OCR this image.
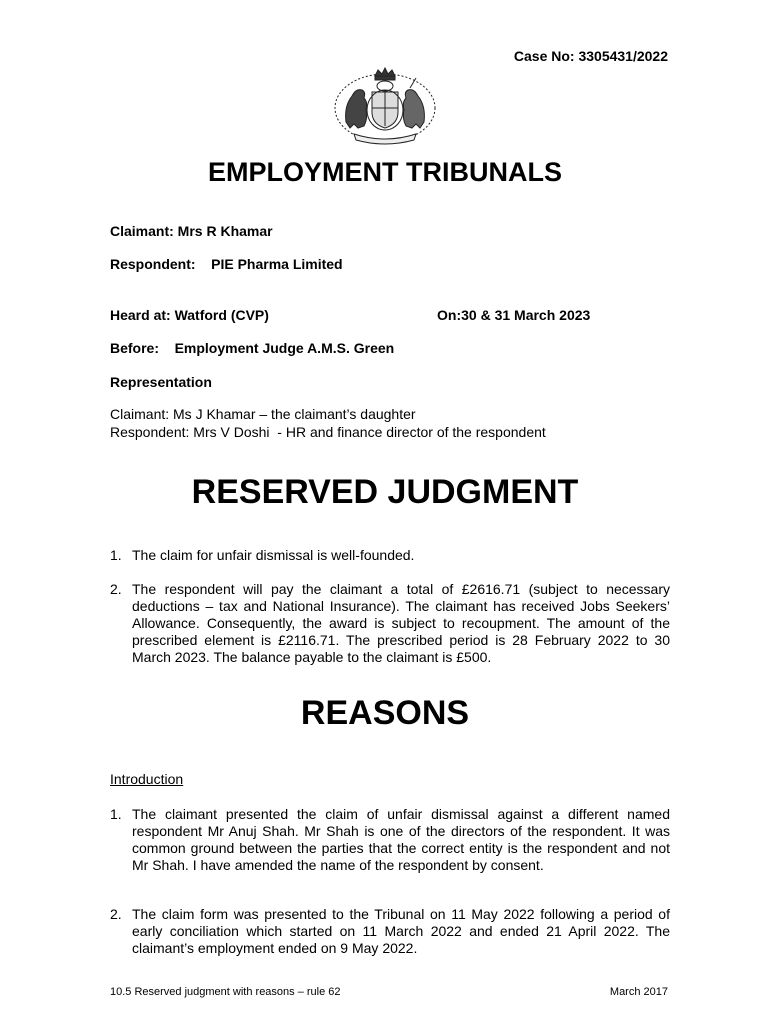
Case No: 3305431/2022
EMPLOYMENT TRIBUNALS
Claimant: Mrs R Khamar
Respondent:    PIE Pharma Limited
Heard at: Watford (CVP)	On:30 & 31 March 2023
Before:    Employment Judge A.M.S. Green
Representation
Claimant: Ms J Khamar – the claimant’s daughter
Respondent: Mrs V Doshi  - HR and finance director of the respondent
RESERVED JUDGMENT
1. The claim for unfair dismissal is well-founded.
2. The respondent will pay the claimant a total of £2616.71 (subject to necessary deductions – tax and National Insurance). The claimant has received Jobs Seekers’ Allowance. Consequently, the award is subject to recoupment. The amount of the prescribed element is £2116.71. The prescribed period is 28 February 2022 to 30 March 2023. The balance payable to the claimant is £500.
REASONS
Introduction
1. The claimant presented the claim of unfair dismissal against a different named respondent Mr Anuj Shah. Mr Shah is one of the directors of the respondent. It was common ground between the parties that the correct entity is the respondent and not Mr Shah. I have amended the name of the respondent by consent.
2. The claim form was presented to the Tribunal on 11 May 2022 following a period of early conciliation which started on 11 March 2022 and ended 21 April 2022. The claimant’s employment ended on 9 May 2022.
10.5 Reserved judgment with reasons – rule 62	March 2017
